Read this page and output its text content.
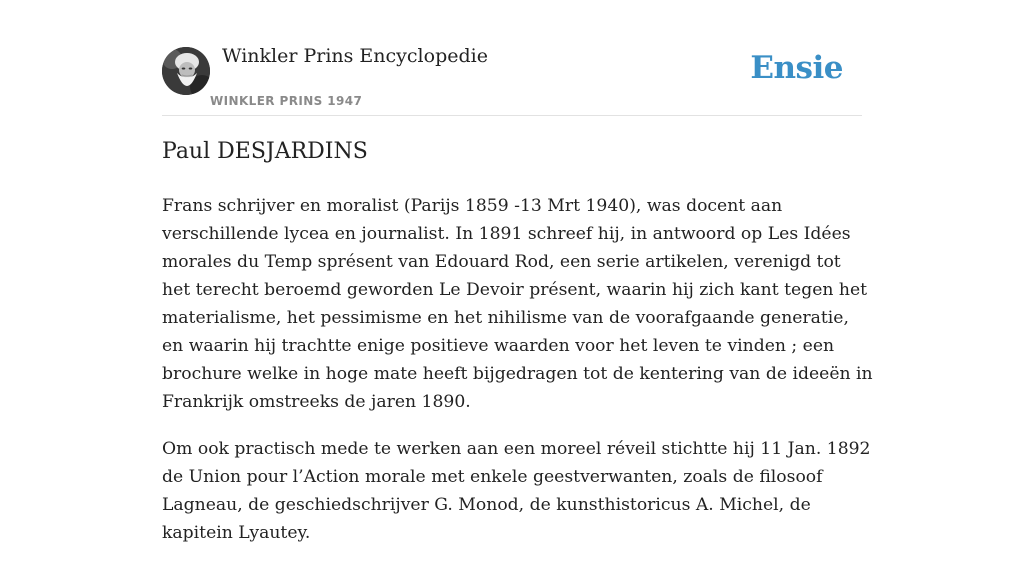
Winkler Prins Encyclopedie
WINKLER PRINS 1947
Ensie
Paul DESJARDINS

Frans schrijver en moralist (Parijs 1859 -13 Mrt 1940), was docent aan verschillende lycea en journalist. In 1891 schreef hij, in antwoord op Les Idées morales du Temp sprésent van Edouard Rod, een serie artikelen, verenigd tot het terecht beroemd geworden Le Devoir présent, waarin hij zich kant tegen het materialisme, het pessimisme en het nihilisme van de voorafgaande generatie, en waarin hij trachtte enige positieve waarden voor het leven te vinden ; een brochure welke in hoge mate heeft bijgedragen tot de kentering van de ideeën in Frankrijk omstreeks de jaren 1890.

Om ook practisch mede te werken aan een moreel réveil stichtte hij 11 Jan. 1892 de Union pour l’Action morale met enkele geestverwanten, zoals de filosoof Lagneau, de geschiedschrijver G. Monod, de kunsthistoricus A. Michel, de kapitein Lyautey.
